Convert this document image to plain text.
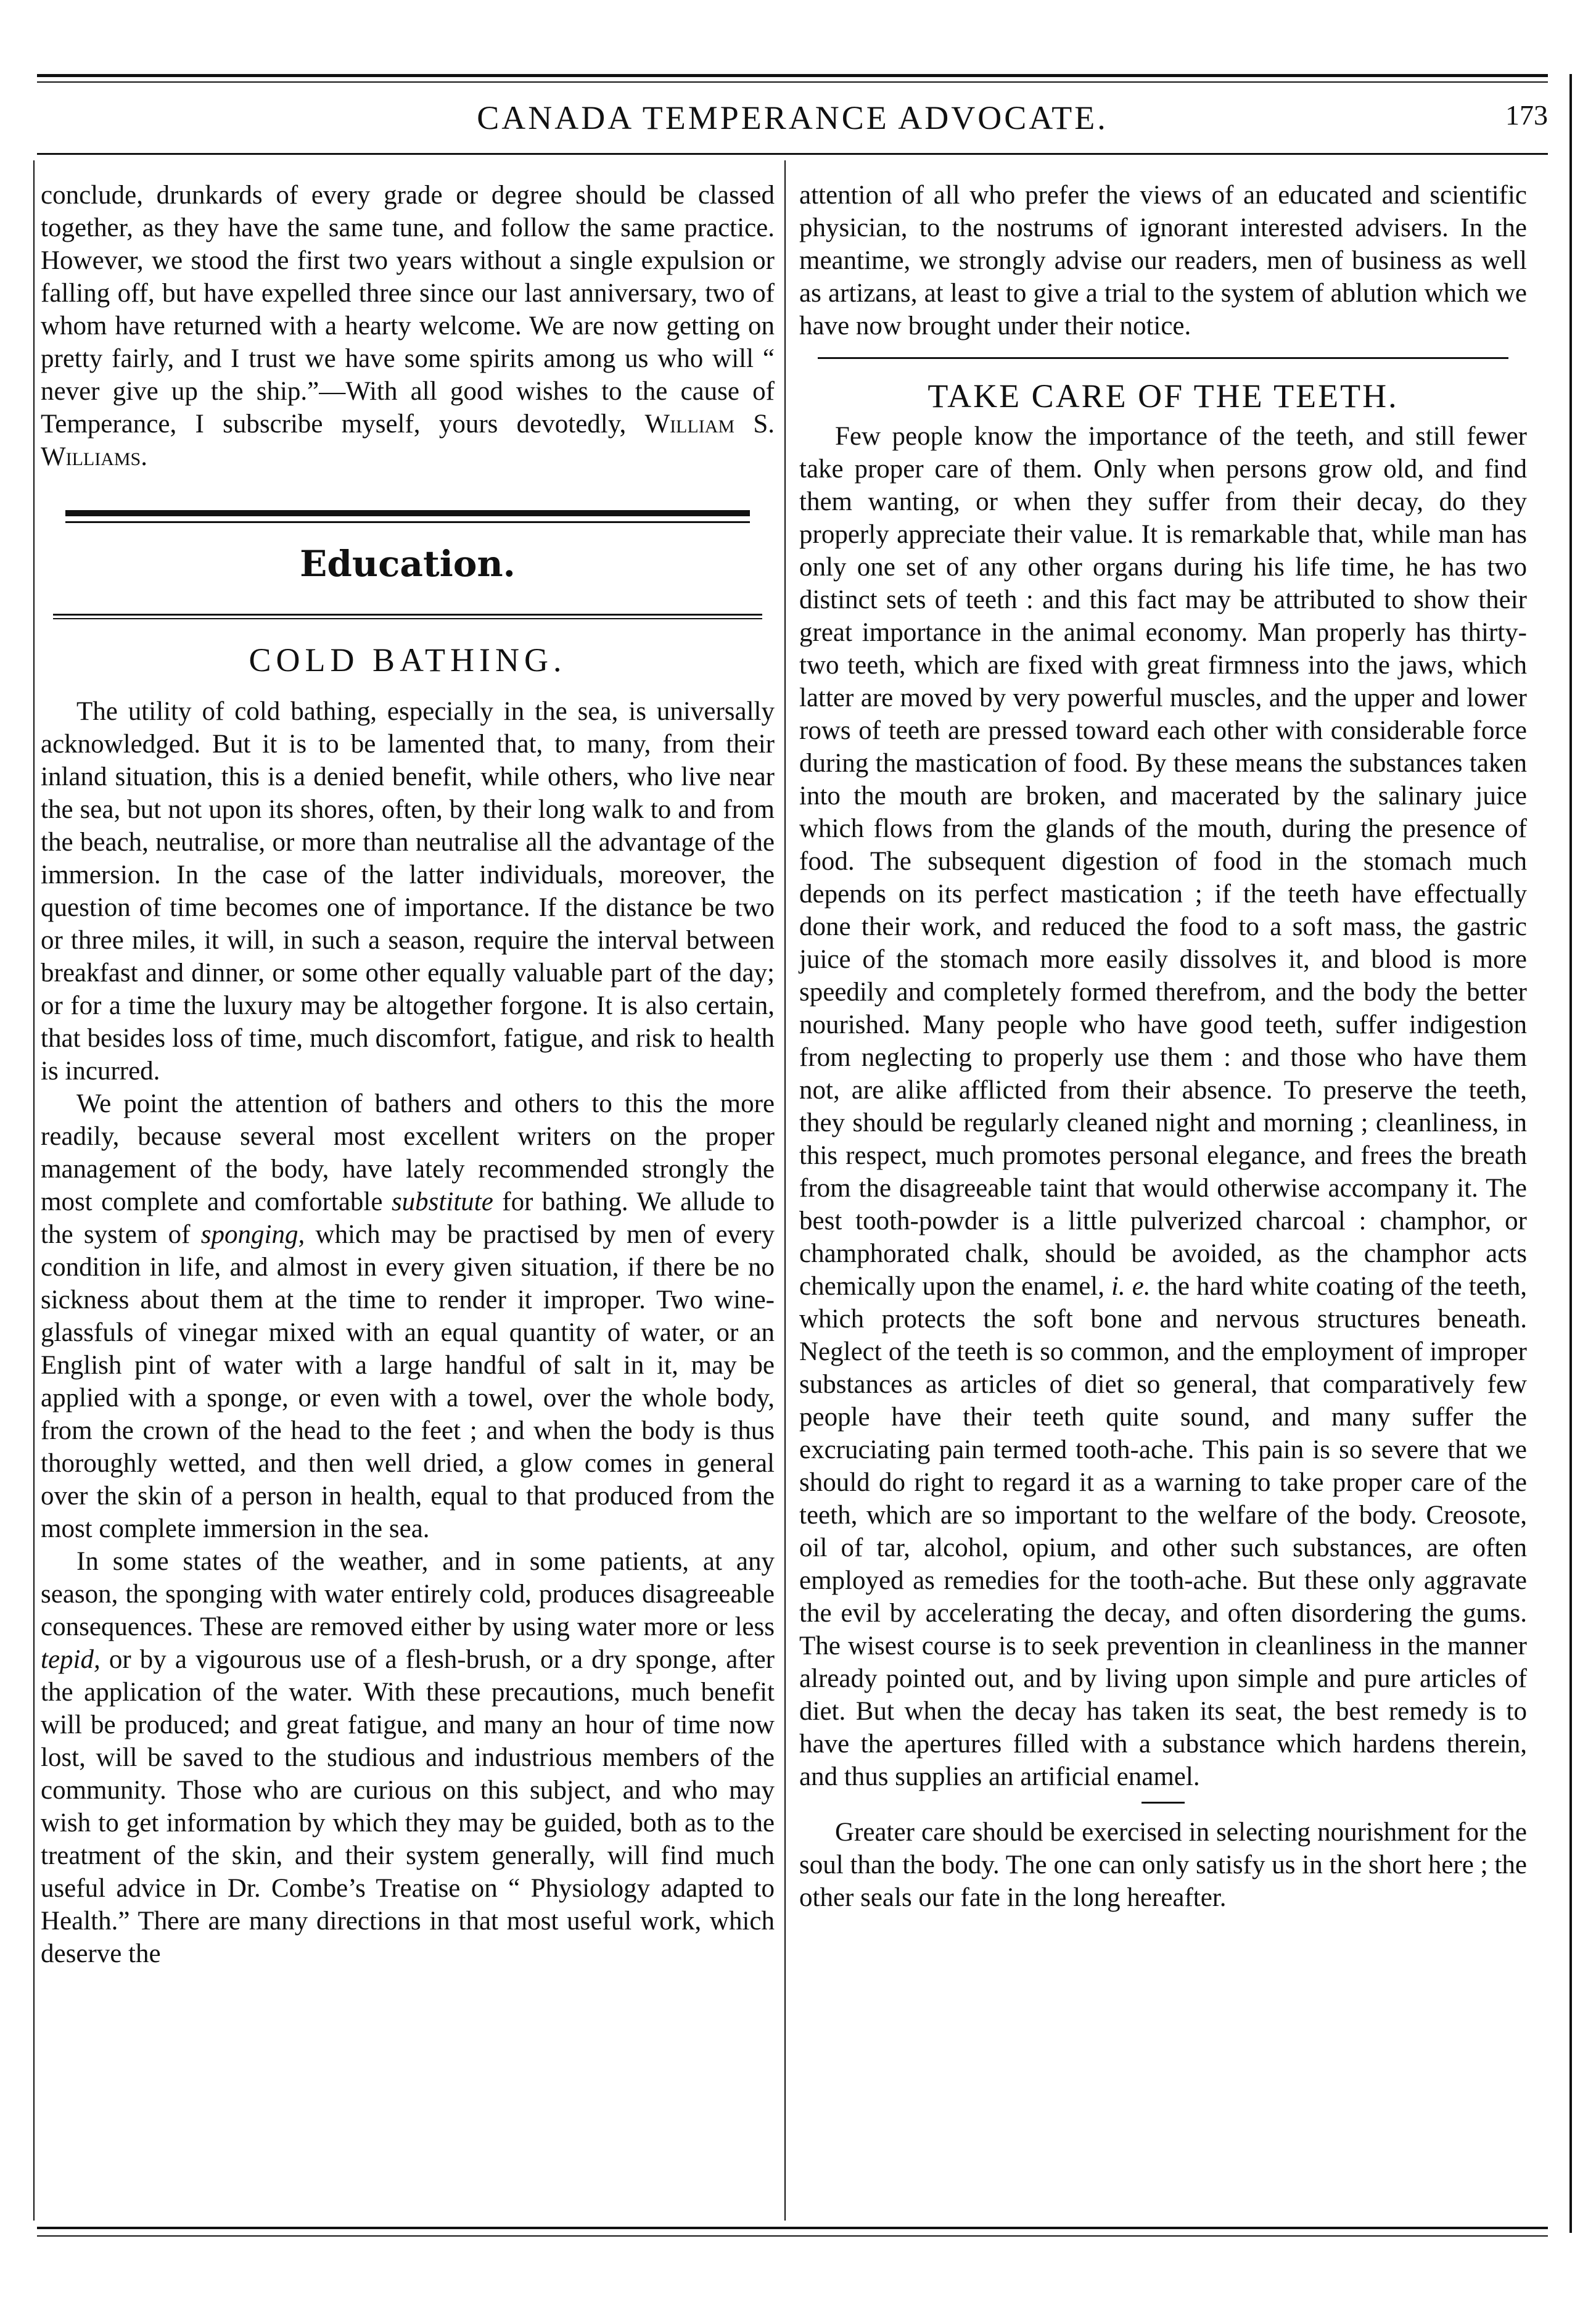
CANADA TEMPERANCE ADVOCATE.	173

conclude, drunkards of every grade or degree should be classed together, as they have the same tune, and follow the same practice. However, we stood the first two years without a single expulsion or falling off, but have expelled three since our last anniversary, two of whom have returned with a hearty welcome. We are now getting on pretty fairly, and I trust we have some spirits among us who will “ never give up the ship.”—With all good wishes to the cause of Temperance, I subscribe myself, yours devotedly, William S. Williams.

Education.
COLD BATHING.

The utility of cold bathing, especially in the sea, is universally acknowledged. But it is to be lamented that, to many, from their inland situation, this is a denied benefit, while others, who live near the sea, but not upon its shores, often, by their long walk to and from the beach, neutralise, or more than neutralise all the advantage of the immersion. In the case of the latter individuals, moreover, the question of time becomes one of importance. If the distance be two or three miles, it will, in such a season, require the interval between breakfast and dinner, or some other equally valuable part of the day; or for a time the luxury may be altogether forgone. It is also certain, that besides loss of time, much discomfort, fatigue, and risk to health is incurred.

We point the attention of bathers and others to this the more readily, because several most excellent writers on the proper management of the body, have lately recommended strongly the most complete and comfortable substitute for bathing. We allude to the system of sponging, which may be practised by men of every condition in life, and almost in every given situation, if there be no sickness about them at the time to render it improper. Two wine-glassfuls of vinegar mixed with an equal quantity of water, or an English pint of water with a large handful of salt in it, may be applied with a sponge, or even with a towel, over the whole body, from the crown of the head to the feet ; and when the body is thus thoroughly wetted, and then well dried, a glow comes in general over the skin of a person in health, equal to that produced from the most complete immersion in the sea.

In some states of the weather, and in some patients, at any season, the sponging with water entirely cold, produces disagreeable consequences. These are removed either by using water more or less tepid, or by a vigourous use of a flesh-brush, or a dry sponge, after the application of the water. With these precautions, much benefit will be produced; and great fatigue, and many an hour of time now lost, will be saved to the studious and industrious members of the community. Those who are curious on this subject, and who may wish to get information by which they may be guided, both as to the treatment of the skin, and their system generally, will find much useful advice in Dr. Combe’s Treatise on “ Physiology adapted to Health.” There are many directions in that most useful work, which deserve the

attention of all who prefer the views of an educated and scientific physician, to the nostrums of ignorant interested advisers. In the meantime, we strongly advise our readers, men of business as well as artizans, at least to give a trial to the system of ablution which we have now brought under their notice.

TAKE CARE OF THE TEETH.

Few people know the importance of the teeth, and still fewer take proper care of them. Only when persons grow old, and find them wanting, or when they suffer from their decay, do they properly appreciate their value. It is remarkable that, while man has only one set of any other organs during his life time, he has two distinct sets of teeth : and this fact may be attributed to show their great importance in the animal economy. Man properly has thirty-two teeth, which are fixed with great firmness into the jaws, which latter are moved by very powerful muscles, and the upper and lower rows of teeth are pressed toward each other with considerable force during the mastication of food. By these means the substances taken into the mouth are broken, and macerated by the salinary juice which flows from the glands of the mouth, during the presence of food. The subsequent digestion of food in the stomach much depends on its perfect mastication ; if the teeth have effectually done their work, and reduced the food to a soft mass, the gastric juice of the stomach more easily dissolves it, and blood is more speedily and completely formed therefrom, and the body the better nourished. Many people who have good teeth, suffer indigestion from neglecting to properly use them : and those who have them not, are alike afflicted from their absence. To preserve the teeth, they should be regularly cleaned night and morning ; cleanliness, in this respect, much promotes personal elegance, and frees the breath from the disagreeable taint that would otherwise accompany it. The best tooth-powder is a little pulverized charcoal : champhor, or champhorated chalk, should be avoided, as the champhor acts chemically upon the enamel, i. e. the hard white coating of the teeth, which protects the soft bone and nervous structures beneath. Neglect of the teeth is so common, and the employment of improper substances as articles of diet so general, that comparatively few people have their teeth quite sound, and many suffer the excruciating pain termed tooth-ache. This pain is so severe that we should do right to regard it as a warning to take proper care of the teeth, which are so important to the welfare of the body. Creosote, oil of tar, alcohol, opium, and other such substances, are often employed as remedies for the tooth-ache. But these only aggravate the evil by accelerating the decay, and often disordering the gums. The wisest course is to seek prevention in cleanliness in the manner already pointed out, and by living upon simple and pure articles of diet. But when the decay has taken its seat, the best remedy is to have the apertures filled with a substance which hardens therein, and thus supplies an artificial enamel.

Greater care should be exercised in selecting nourishment for the soul than the body. The one can only satisfy us in the short here ; the other seals our fate in the long hereafter.
